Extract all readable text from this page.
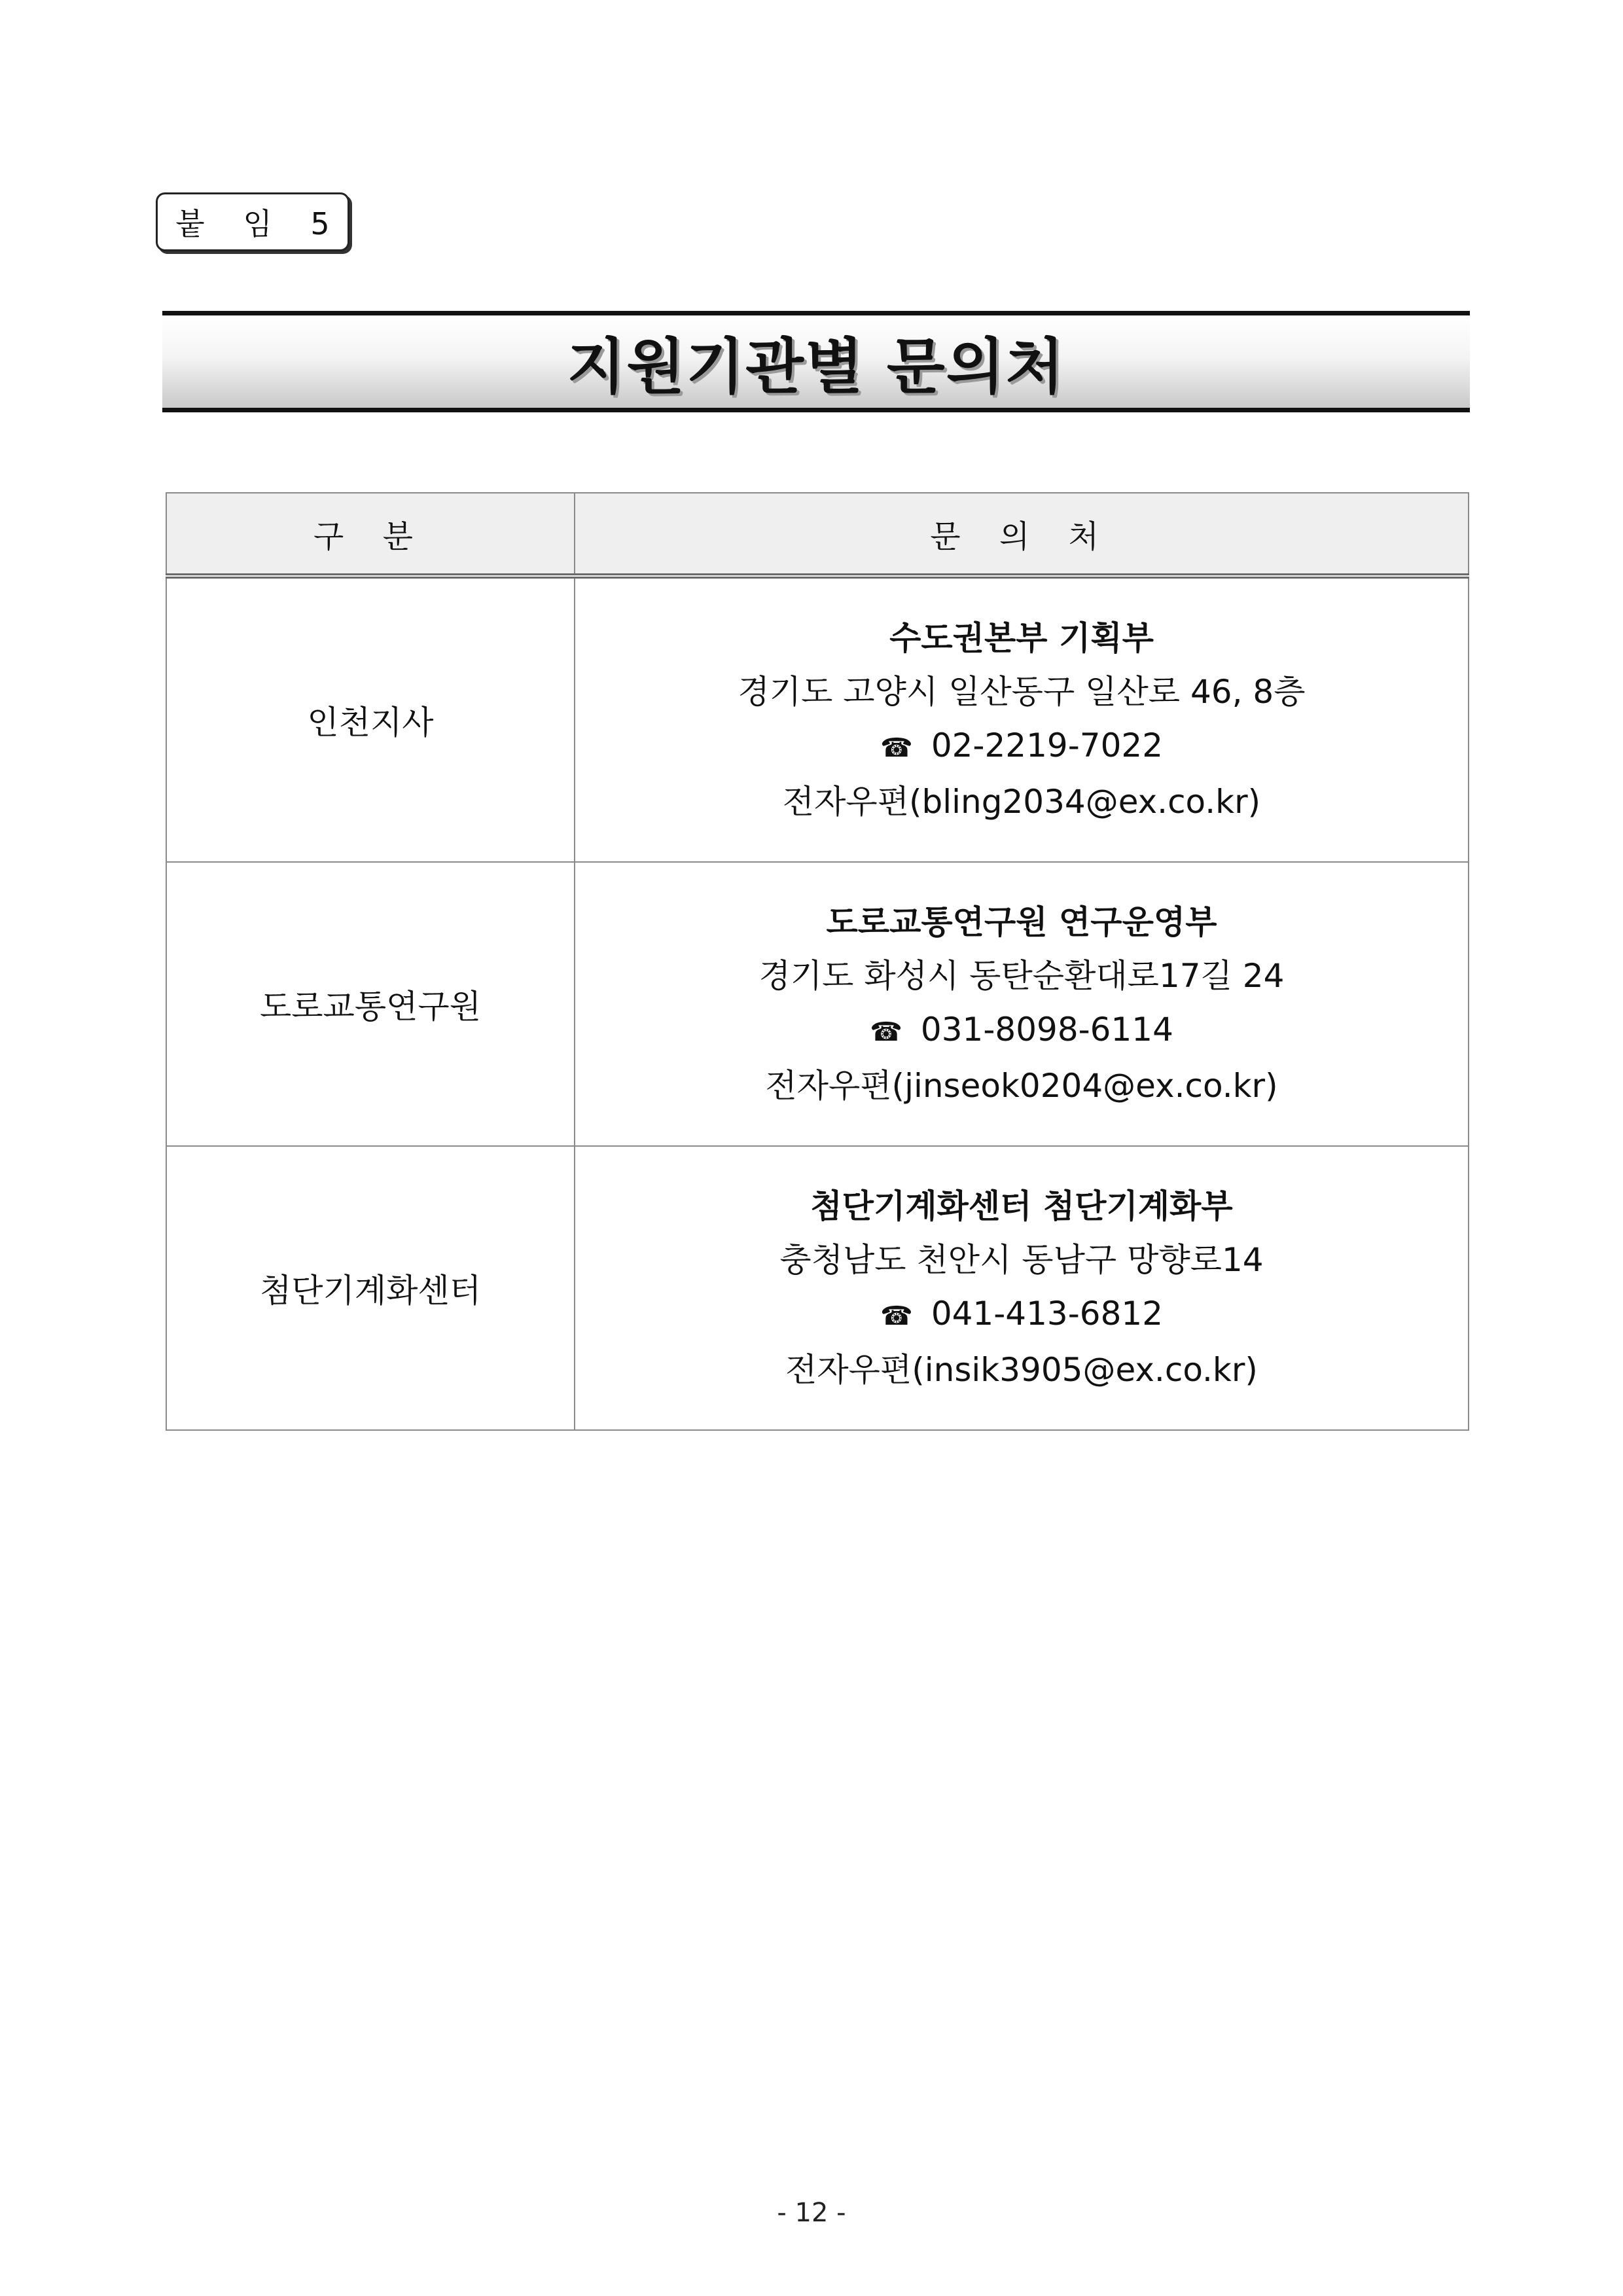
붙 임 5
지원기관별 문의처
구 분	문 의 처
인천지사	수도권본부 기획부
경기도 고양시 일산동구 일산로 46, 8층
☎ 02-2219-7022
전자우편(bling2034@ex.co.kr)

도로교통연구원	도로교통연구원 연구운영부
경기도 화성시 동탄순환대로17길 24
☎ 031-8098-6114
전자우편(jinseok0204@ex.co.kr)

첨단기계화센터	첨단기계화센터 첨단기계화부
충청남도 천안시 동남구 망향로14
☎ 041-413-6812
전자우편(insik3905@ex.co.kr)
- 12 -
